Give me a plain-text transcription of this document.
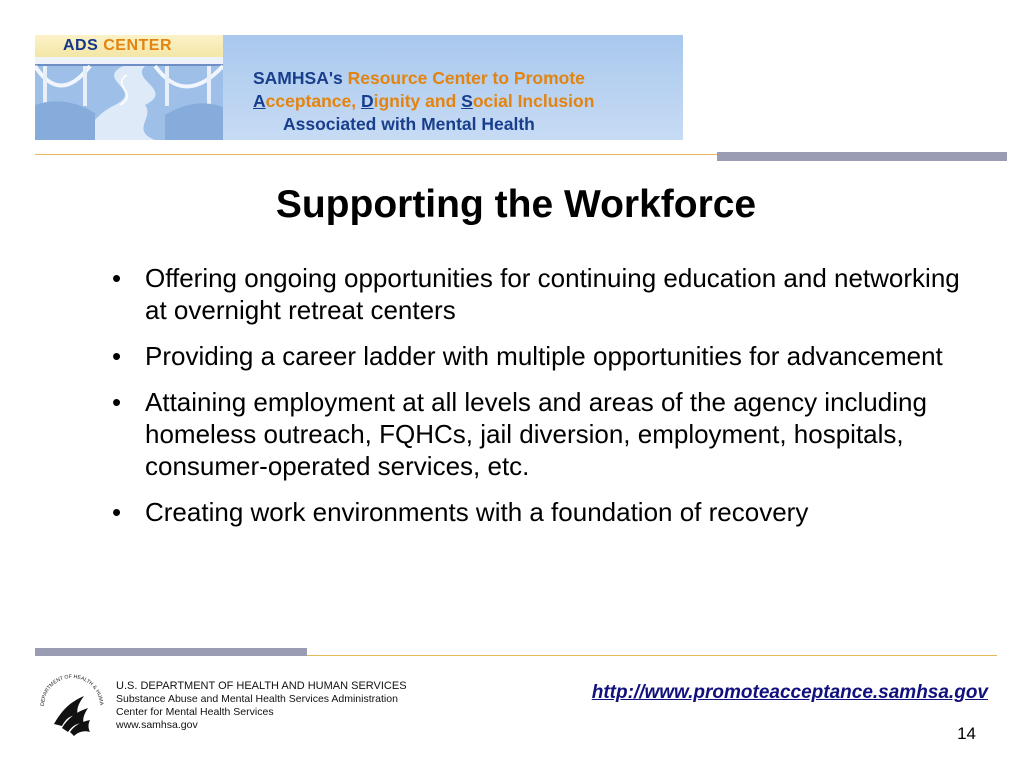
ADS CENTER
SAMHSA's Resource Center to Promote
Acceptance, Dignity and Social Inclusion
Associated with Mental Health
Supporting the Workforce
• Offering ongoing opportunities for continuing education and networking at overnight retreat centers
• Providing a career ladder with multiple opportunities for advancement
• Attaining employment at all levels and areas of the agency including homeless outreach, FQHCs, jail diversion, employment, hospitals, consumer-operated services, etc.
• Creating work environments with a foundation of recovery
DEPARTMENT OF HEALTH & HUMA
U.S. DEPARTMENT OF HEALTH AND HUMAN SERVICES
Substance Abuse and Mental Health Services Administration
Center for Mental Health Services
www.samhsa.gov
http://www.promoteacceptance.samhsa.gov
14
